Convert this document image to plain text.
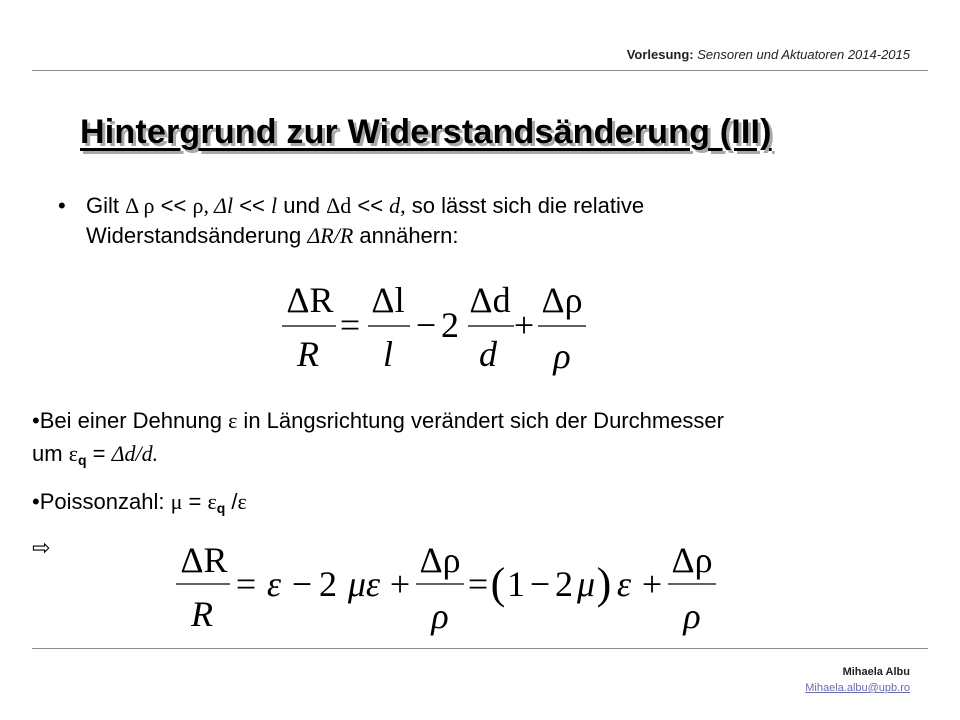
Vorlesung: Sensoren und Aktuatoren 2014-2015
Hintergrund zur Widerstandsänderung (III)
• Gilt Δ ρ << ρ, Δl << l und Δd << d, so lässt sich die relative
Widerstandsänderung ΔR/R annähern:
ΔR
R
=
Δl
l
− 2
Δd
d
+
Δρ
ρ
•Bei einer Dehnung ε in Längsrichtung verändert sich der Durchmesser
um $\varepsilon_q = \Delta d/d$.
•Poissonzahl: $\mu = \varepsilon_q$ /ε
⇨	ΔR
R
= ε − 2 με +
Δρ
ρ
= ( 1 − 2 μ ) ε +
Δρ
ρ
Mihaela Albu
Mihaela.albu@upb.ro
